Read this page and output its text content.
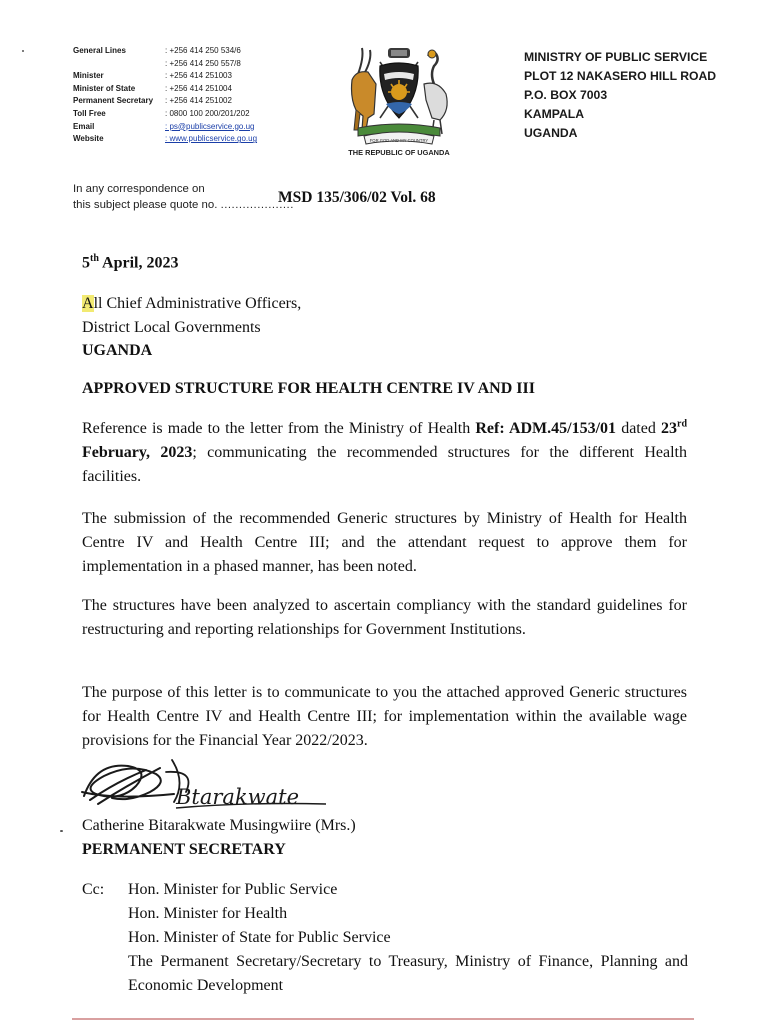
General Lines	: +256 414 250 534/6
: +256 414 250 557/8
Minister	: +256 414 251003
Minister of State	: +256 414 251004
Permanent Secretary	: +256 414 251002
Toll Free	: 0800 100 200/201/202
Email	: ps@publicservice.go.ug
Website	: www.publicservice.go.ug	FOR GOD AND MY COUNTRY
THE REPUBLIC OF UGANDA
MINISTRY OF PUBLIC SERVICE
PLOT 12 NAKASERO HILL ROAD
P.O. BOX 7003
KAMPALA
UGANDA
In any correspondence on
this subject please quote no. ....................
MSD 135/306/02 Vol. 68
5th April, 2023
All Chief Administrative Officers,
District Local Governments
UGANDA
APPROVED STRUCTURE FOR HEALTH CENTRE IV AND III

Reference is made to the letter from the Ministry of Health Ref: ADM.45/153/01 dated 23rd February, 2023; communicating the recommended structures for the different Health facilities.

The submission of the recommended Generic structures by Ministry of Health for Health Centre IV and Health Centre III; and the attendant request to approve them for implementation in a phased manner, has been noted.

The structures have been analyzed to ascertain compliancy with the standard guidelines for restructuring and reporting relationships for Government Institutions.

The purpose of this letter is to communicate to you the attached approved Generic structures for Health Centre IV and Health Centre III; for implementation within the available wage provisions for the Financial Year 2022/2023.

Btarakwate
Catherine Bitarakwate Musingwiire (Mrs.)
PERMANENT SECRETARY
Cc: Hon. Minister for Public Service
Hon. Minister for Health
Hon. Minister of State for Public Service
The Permanent Secretary/Secretary to Treasury, Ministry of Finance, Planning and Economic Development
